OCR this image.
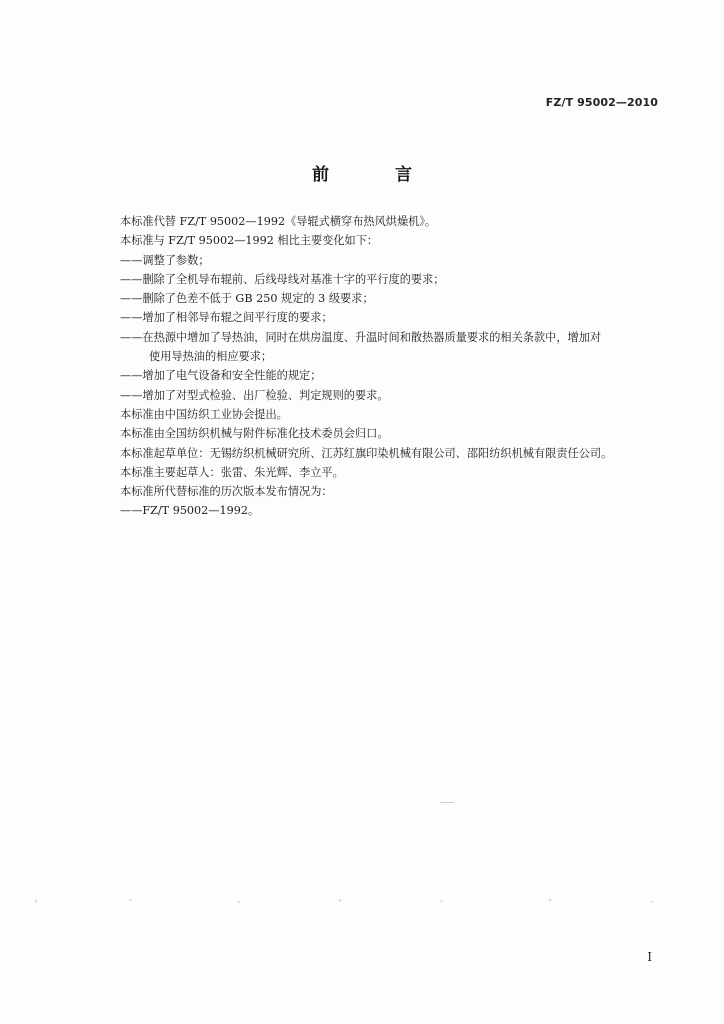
FZ/T 95002—2010
前 言
本标准代替 FZ/T 95002—1992《导辊式横穿布热风烘燥机》。
本标准与 FZ/T 95002—1992 相比主要变化如下：
——调整了参数；
——删除了全机导布辊前、后线母线对基准十字的平行度的要求；
——删除了色差不低于 GB 250 规定的 3 级要求；
——增加了相邻导布辊之间平行度的要求；
——在热源中增加了导热油，同时在烘房温度、升温时间和散热器质量要求的相关条款中，增加对
使用导热油的相应要求；
——增加了电气设备和安全性能的规定；
——增加了对型式检验、出厂检验、判定规则的要求。
本标准由中国纺织工业协会提出。
本标准由全国纺织机械与附件标准化技术委员会归口。
本标准起草单位：无锡纺织机械研究所、江苏红旗印染机械有限公司、邵阳纺织机械有限责任公司。
本标准主要起草人：张雷、朱光辉、李立平。
本标准所代替标准的历次版本发布情况为：
——FZ/T 95002—1992。
I
